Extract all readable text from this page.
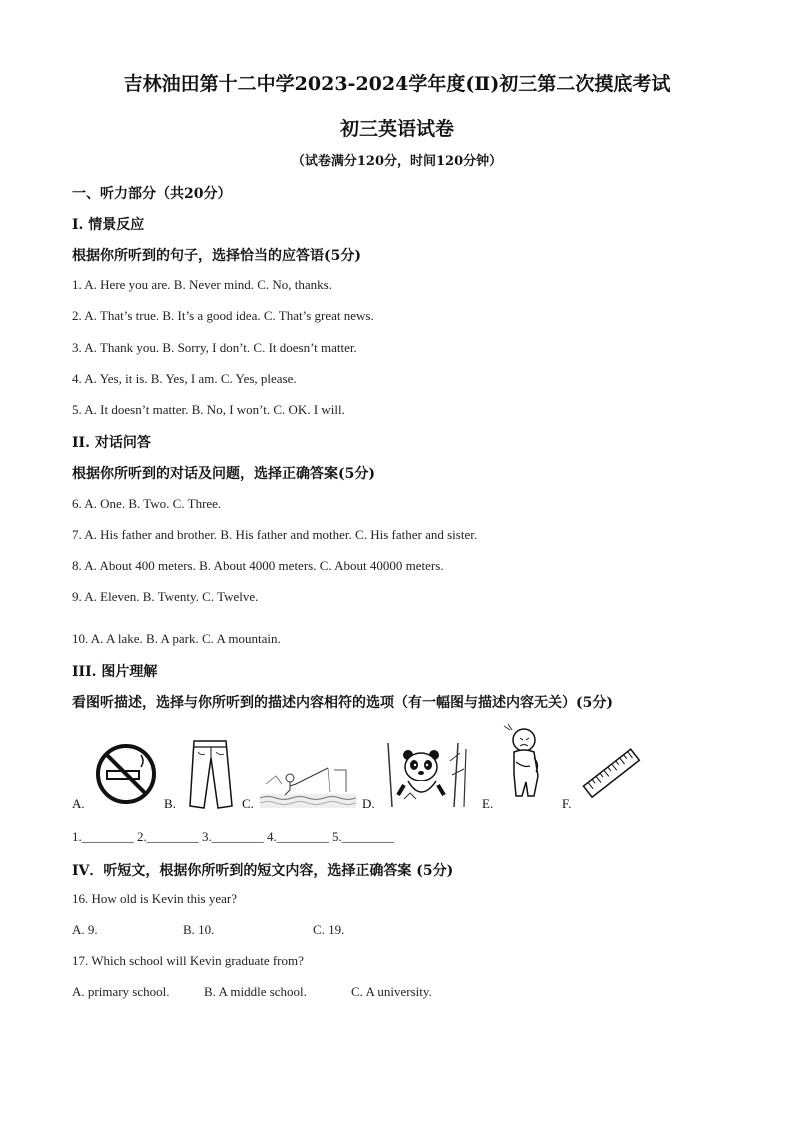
吉林油田第十二中学2023-2024学年度(Ⅱ)初三第二次摸底考试
初三英语试卷
（试卷满分120分，时间120分钟）
一、听力部分（共20分）
I. 情景反应
根据你所听到的句子，选择恰当的应答语(5分)
1. A. Here you are. B. Never mind. C. No, thanks.
2. A. That’s true. B. It’s a good idea. C. That’s great news.
3. A. Thank you. B. Sorry, I don’t. C. It doesn’t matter.
4. A. Yes, it is. B. Yes, I am. C. Yes, please.
5. A. It doesn’t matter. B. No, I won’t. C. OK. I will.
II. 对话问答
根据你所听到的对话及问题，选择正确答案(5分)
6. A. One. B. Two. C. Three.
7. A. His father and brother. B. His father and mother. C. His father and sister.
8. A. About 400 meters. B. About 4000 meters. C. About 40000 meters.
9. A. Eleven. B. Twenty. C. Twelve.
10. A. A lake. B. A park. C. A mountain.
III. 图片理解
看图听描述，选择与你所听到的描述内容相符的选项（有一幅图与描述内容无关）(5分)
A.	B.	C.	D.	E.	F.
1.________ 2.________ 3.________ 4.________ 5.________
IV．听短文，根据你所听到的短文内容，选择正确答案 (5分)
16. How old is Kevin this year?
A. 9.	B. 10.	C. 19.
17. Which school will Kevin graduate from?
A. primary school.	B. A middle school.	C. A university.
